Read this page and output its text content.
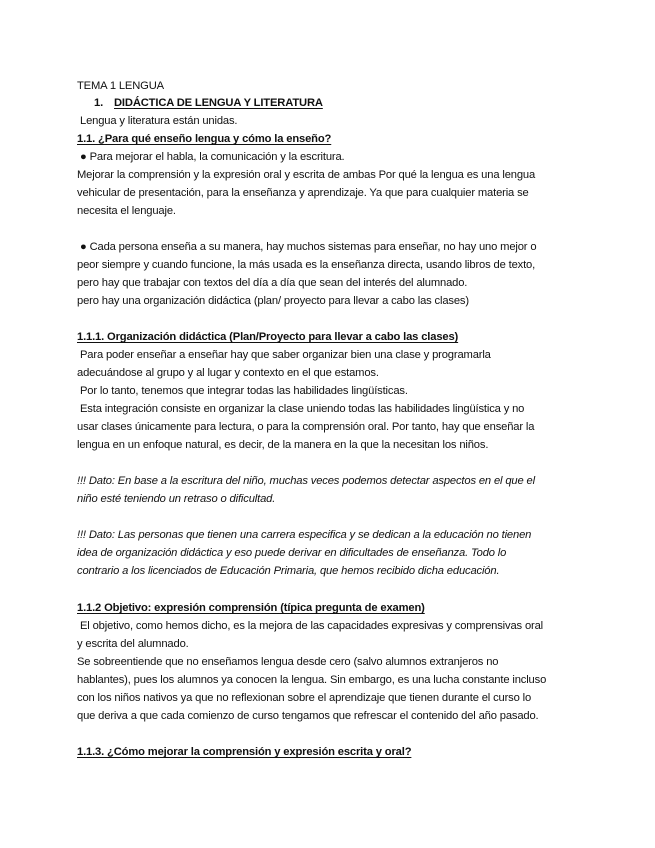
TEMA 1 LENGUA
1. DIDÁCTICA DE LENGUA Y LITERATURA
Lengua y literatura están unidas.
1.1. ¿Para qué enseño lengua y cómo la enseño?
● Para mejorar el habla, la comunicación y la escritura.
Mejorar la comprensión y la expresión oral y escrita de ambas Por qué la lengua es una lengua
vehicular de presentación, para la enseñanza y aprendizaje. Ya que para cualquier materia se
necesita el lenguaje.
● Cada persona enseña a su manera, hay muchos sistemas para enseñar, no hay uno mejor o
peor siempre y cuando funcione, la más usada es la enseñanza directa, usando libros de texto,
pero hay que trabajar con textos del día a día que sean del interés del alumnado.
pero hay una organización didáctica (plan/ proyecto para llevar a cabo las clases)
1.1.1. Organización didáctica (Plan/Proyecto para llevar a cabo las clases)
Para poder enseñar a enseñar hay que saber organizar bien una clase y programarla
adecuándose al grupo y al lugar y contexto en el que estamos.
Por lo tanto, tenemos que integrar todas las habilidades lingüísticas.
Esta integración consiste en organizar la clase uniendo todas las habilidades lingüística y no
usar clases únicamente para lectura, o para la comprensión oral. Por tanto, hay que enseñar la
lengua en un enfoque natural, es decir, de la manera en la que la necesitan los niños.
!!! Dato: En base a la escritura del niño, muchas veces podemos detectar aspectos en el que el
niño esté teniendo un retraso o dificultad.
!!! Dato: Las personas que tienen una carrera especifica y se dedican a la educación no tienen
idea de organización didáctica y eso puede derivar en dificultades de enseñanza. Todo lo
contrario a los licenciados de Educación Primaria, que hemos recibido dicha educación.
1.1.2 Objetivo: expresión comprensión (típica pregunta de examen)
El objetivo, como hemos dicho, es la mejora de las capacidades expresivas y comprensivas oral
y escrita del alumnado.
Se sobreentiende que no enseñamos lengua desde cero (salvo alumnos extranjeros no
hablantes), pues los alumnos ya conocen la lengua. Sin embargo, es una lucha constante incluso
con los niños nativos ya que no reflexionan sobre el aprendizaje que tienen durante el curso lo
que deriva a que cada comienzo de curso tengamos que refrescar el contenido del año pasado.
1.1.3. ¿Cómo mejorar la comprensión y expresión escrita y oral?
